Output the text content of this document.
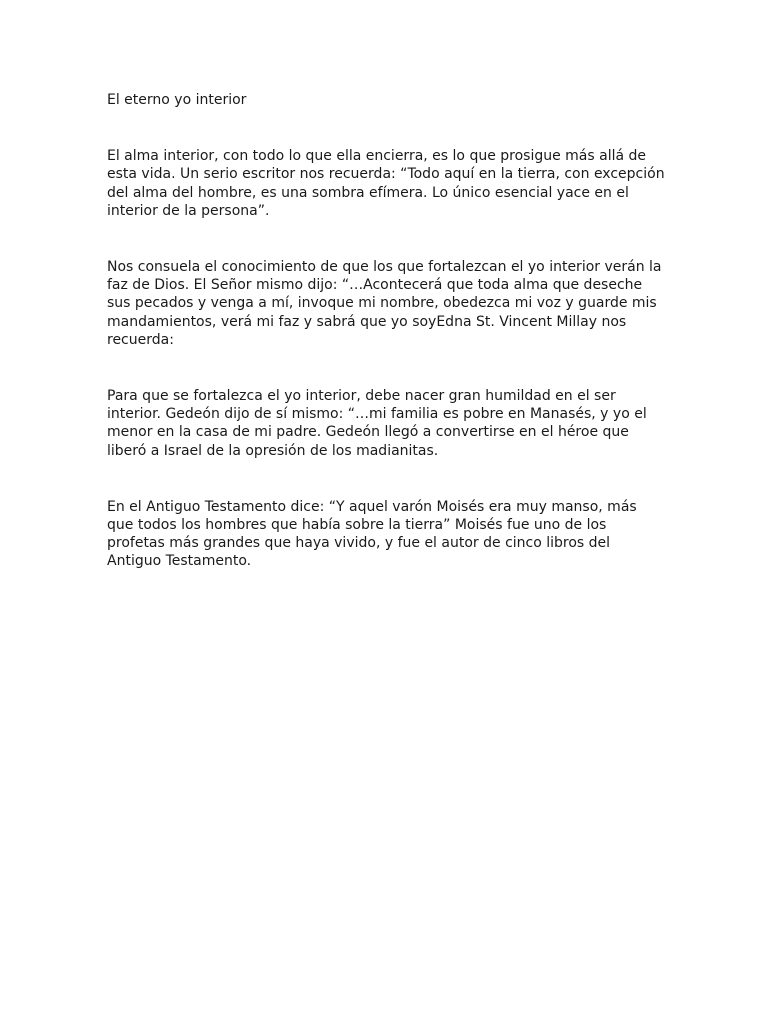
El eterno yo interior

El alma interior, con todo lo que ella encierra, es lo que prosigue más allá de esta vida. Un serio escritor nos recuerda: “Todo aquí en la tierra, con excepción del alma del hombre, es una sombra efímera. Lo único esencial yace en el interior de la persona”.

Nos consuela el conocimiento de que los que fortalezcan el yo interior verán la faz de Dios. El Señor mismo dijo: “…Acontecerá que toda alma que deseche sus pecados y venga a mí, invoque mi nombre, obedezca mi voz y guarde mis mandamientos, verá mi faz y sabrá que yo soyEdna St. Vincent Millay nos recuerda:

Para que se fortalezca el yo interior, debe nacer gran humildad en el ser interior. Gedeón dijo de sí mismo: “…mi familia es pobre en Manasés, y yo el menor en la casa de mi padre. Gedeón llegó a convertirse en el héroe que liberó a Israel de la opresión de los madianitas.

En el Antiguo Testamento dice: “Y aquel varón Moisés era muy manso, más que todos los hombres que había sobre la tierra” Moisés fue uno de los profetas más grandes que haya vivido, y fue el autor de cinco libros del Antiguo Testamento.
